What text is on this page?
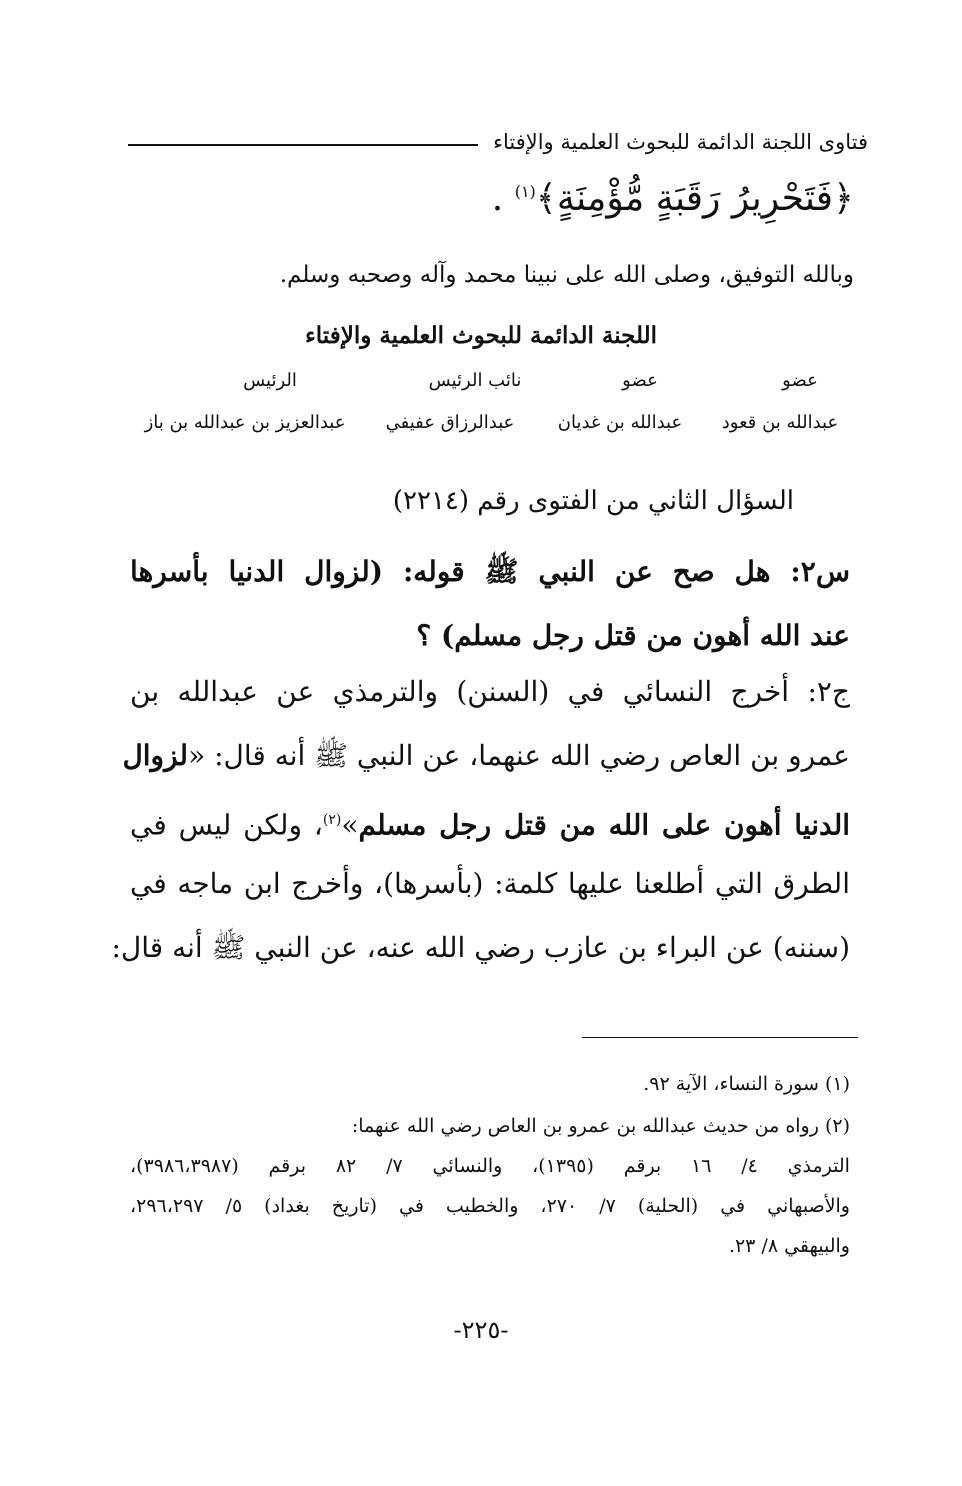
فتاوى اللجنة الدائمة للبحوث العلمية والإفتاء
﴿فَتَحْرِيرُ رَقَبَةٍ مُّؤْمِنَةٍ﴾$^{(١)}$ .
وبالله التوفيق، وصلى الله على نبينا محمد وآله وصحبه وسلم.
اللجنة الدائمة للبحوث العلمية والإفتاء
عضو
عضو
نائب الرئيس
الرئيس
عبدالله بن قعود
عبدالله بن غديان
عبدالرزاق عفيفي
عبدالعزيز بن عبدالله بن باز
السؤال الثاني من الفتوى رقم (٢٢١٤)
س٢: هل صح عن النبي ﷺ قوله: (لزوال الدنيا بأسرها
عند الله أهون من قتل رجل مسلم) ؟
ج٢: أخرج النسائي في (السنن) والترمذي عن عبدالله بن
عمرو بن العاص رضي الله عنهما، عن النبي ﷺ أنه قال: «لزوال
الدنيا أهون على الله من قتل رجل مسلم»$^{(٢)}$، ولكن ليس في
الطرق التي أطلعنا عليها كلمة: (بأسرها)، وأخرج ابن ماجه في
(سننه) عن البراء بن عازب رضي الله عنه، عن النبي ﷺ أنه قال:
(١) سورة النساء، الآية ٩٢.
(٢) رواه من حديث عبدالله بن عمرو بن العاص رضي الله عنهما:
الترمذي ٤/ ١٦ برقم (١٣٩٥)، والنسائي ٧/ ٨٢ برقم (٣٩٨٦،٣٩٨٧)،
والأصبهاني في (الحلية) ٧/ ٢٧٠، والخطيب في (تاريخ بغداد) ٥/ ٢٩٦،٢٩٧،
والبيهقي ٨/ ٢٣.
-٢٢٥-
